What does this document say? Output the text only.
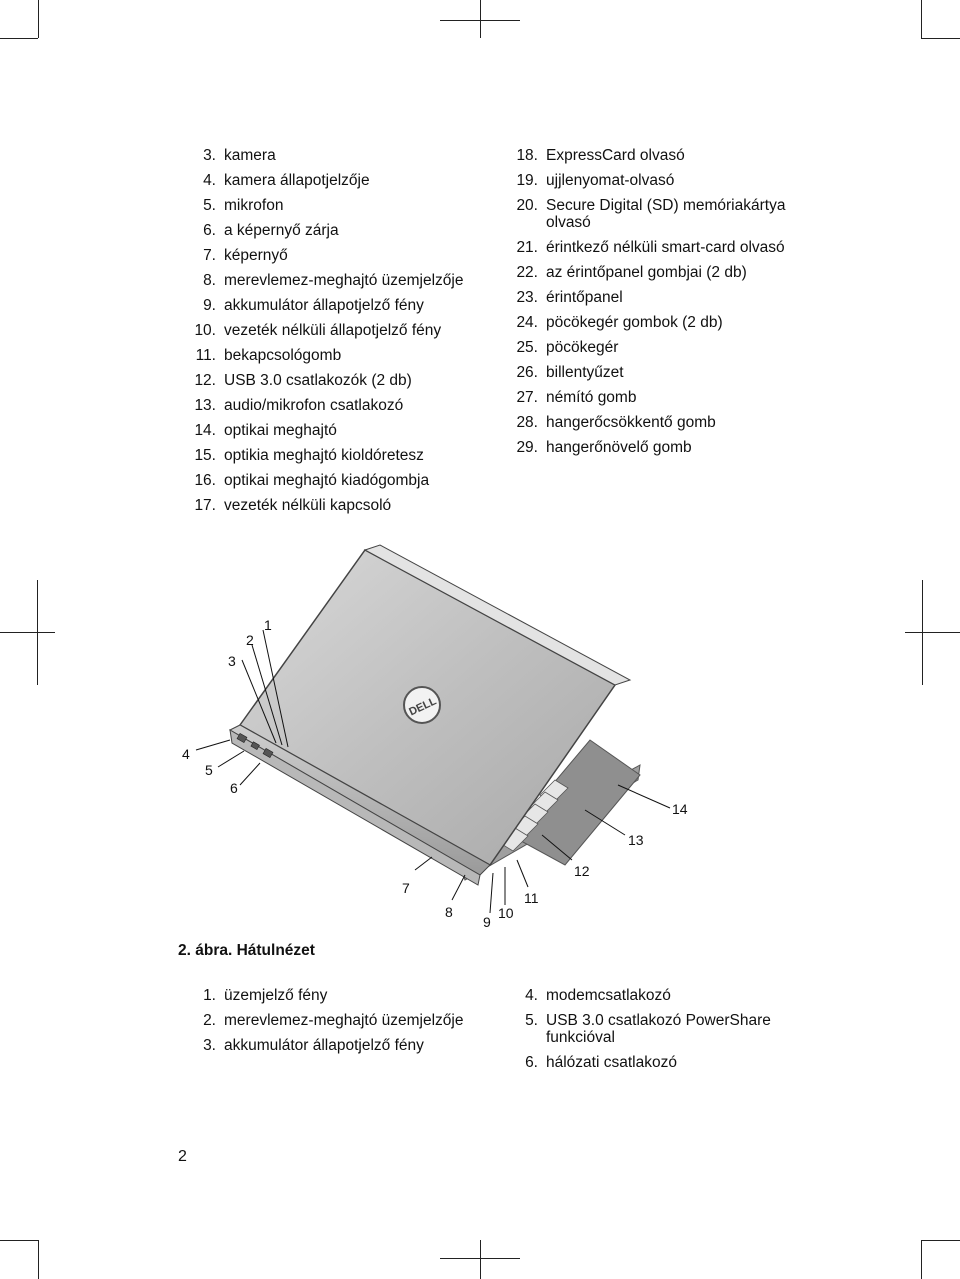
3. kamera
4. kamera állapotjelzője
5. mikrofon
6. a képernyő zárja
7. képernyő
8. merevlemez-meghajtó üzemjelzője
9. akkumulátor állapotjelző fény
10. vezeték nélküli állapotjelző fény
11. bekapcsológomb
12. USB 3.0 csatlakozók (2 db)
13. audio/mikrofon csatlakozó
14. optikai meghajtó
15. optikia meghajtó kioldóretesz
16. optikai meghajtó kiadógombja
17. vezeték nélküli kapcsoló
18. ExpressCard olvasó
19. ujjlenyomat-olvasó
20. Secure Digital (SD) memóriakártya olvasó
21. érintkező nélküli smart-card olvasó
22. az érintőpanel gombjai (2 db)
23. érintőpanel
24. pöcökegér gombok (2 db)
25. pöcökegér
26. billentyűzet
27. némító gomb
28. hangerőcsökkentő gomb
29. hangerőnövelő gomb
DELL
1
2
3
4
5
6
7
8
9
10
11
12
13
14
2. ábra. Hátulnézet
1. üzemjelző fény
2. merevlemez-meghajtó üzemjelzője
3. akkumulátor állapotjelző fény
4. modemcsatlakozó
5. USB 3.0 csatlakozó PowerShare funkcióval
6. hálózati csatlakozó
2
